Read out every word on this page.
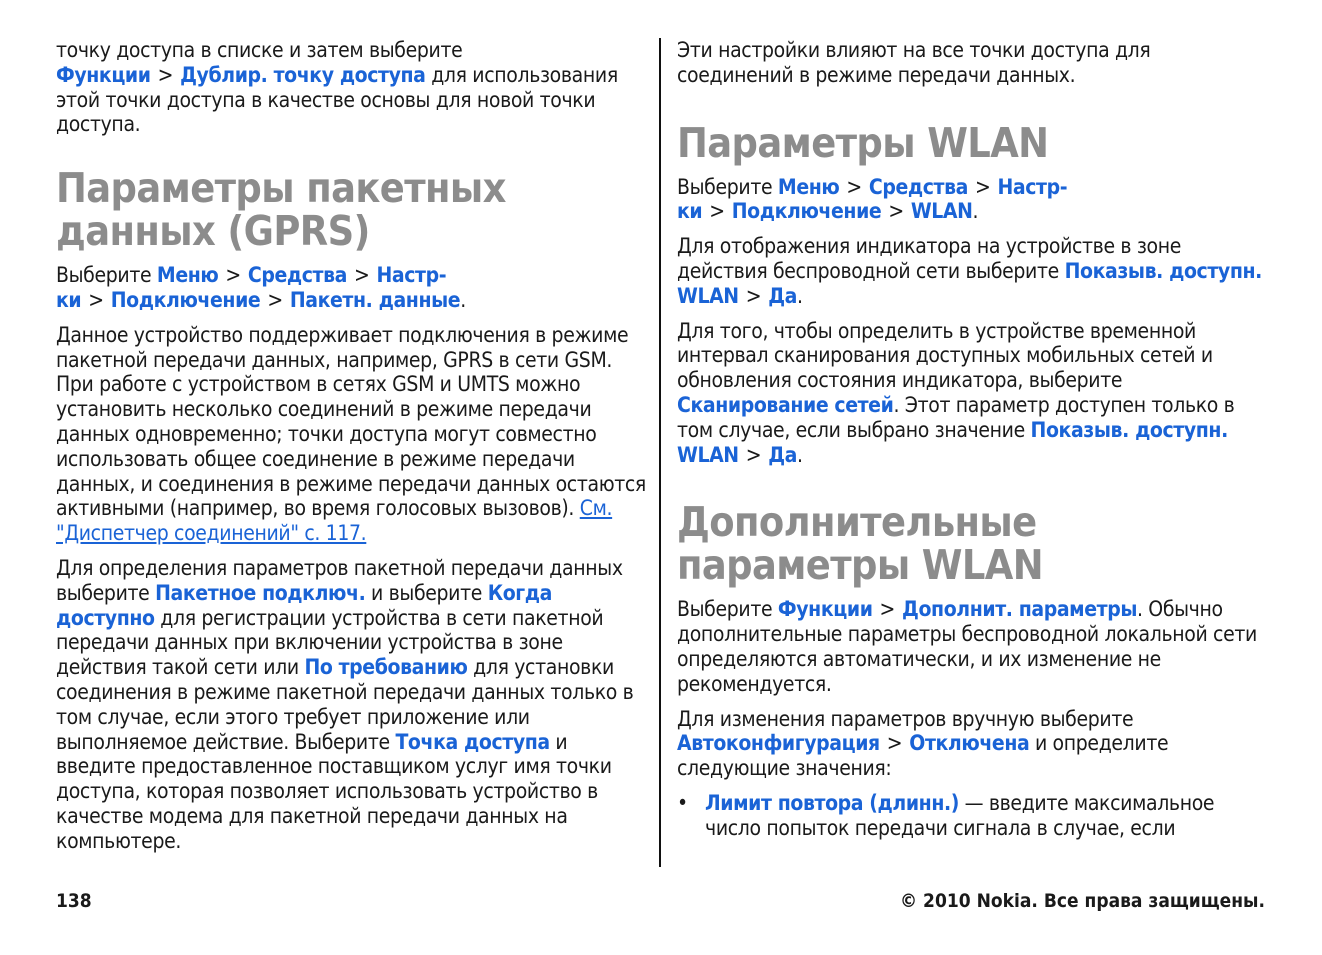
точку доступа в списке и затем выберите Функции > Дублир. точку доступа для использования этой точки доступа в качестве основы для новой точки доступа.

Параметры пакетных данных (GPRS)

Выберите Меню > Средства > Настр-ки > Подключение > Пакетн. данные.

Данное устройство поддерживает подключения в режиме пакетной передачи данных, например, GPRS в сети GSM. При работе с устройством в сетях GSM и UMTS можно установить несколько соединений в режиме передачи данных одновременно; точки доступа могут совместно использовать общее соединение в режиме передачи данных, и соединения в режиме передачи данных остаются активными (например, во время голосовых вызовов). См. "Диспетчер соединений" с. 117.

Для определения параметров пакетной передачи данных выберите Пакетное подключ. и выберите Когда доступно для регистрации устройства в сети пакетной передачи данных при включении устройства в зоне действия такой сети или По требованию для установки соединения в режиме пакетной передачи данных только в том случае, если этого требует приложение или выполняемое действие. Выберите Точка доступа и введите предоставленное поставщиком услуг имя точки доступа, которая позволяет использовать устройство в качестве модема для пакетной передачи данных на компьютере.

Эти настройки влияют на все точки доступа для соединений в режиме передачи данных.

Параметры WLAN

Выберите Меню > Средства > Настр-ки > Подключение > WLAN.

Для отображения индикатора на устройстве в зоне действия беспроводной сети выберите Показыв. доступн. WLAN > Да.

Для того, чтобы определить в устройстве временной интервал сканирования доступных мобильных сетей и обновления состояния индикатора, выберите Сканирование сетей. Этот параметр доступен только в том случае, если выбрано значение Показыв. доступн. WLAN > Да.

Дополнительные параметры WLAN

Выберите Функции > Дополнит. параметры. Обычно дополнительные параметры беспроводной локальной сети определяются автоматически, и их изменение не рекомендуется.

Для изменения параметров вручную выберите Автоконфигурация > Отключена и определите следующие значения:

• Лимит повтора (длинн.) — введите максимальное число попыток передачи сигнала в случае, если

138	© 2010 Nokia. Все права защищены.
